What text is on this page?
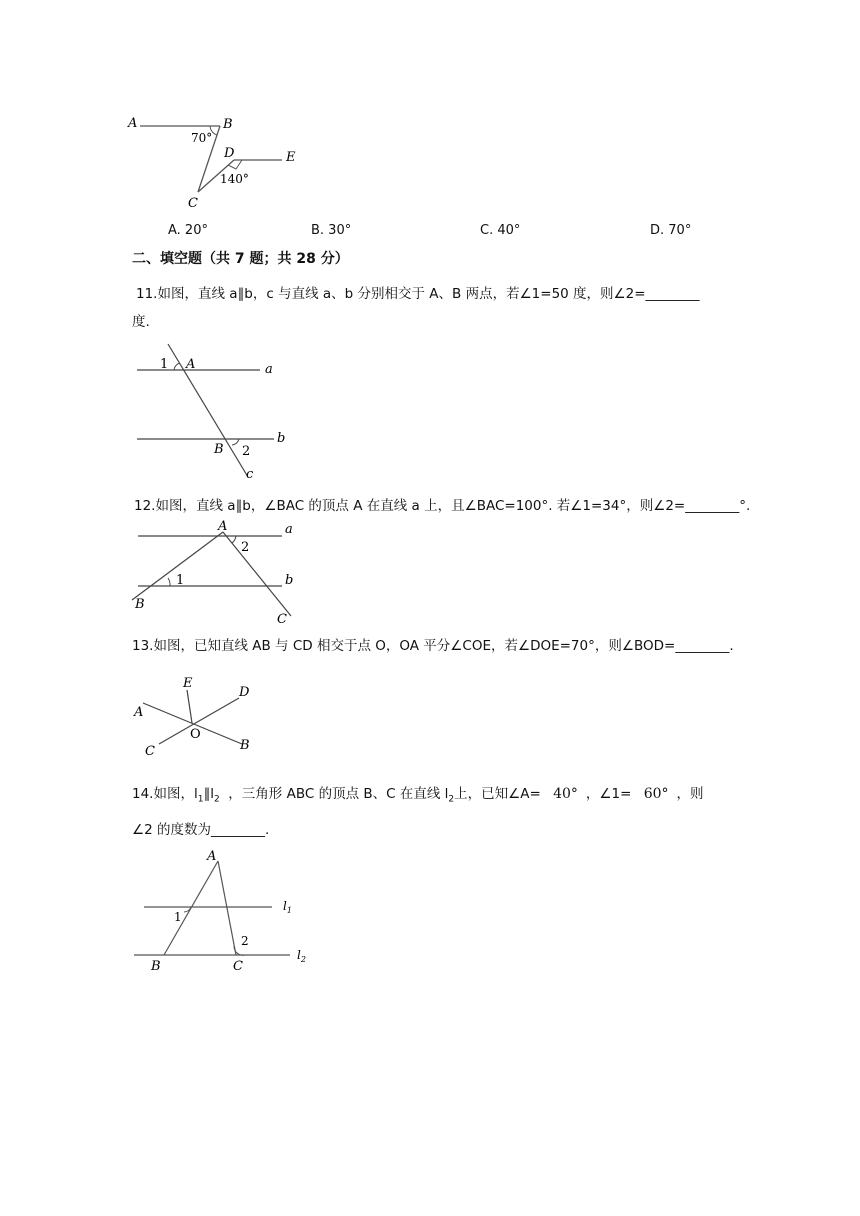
A	B
70°
D	E
140°
C
A. 20°	B. 30°	C. 40°	D. 70°
二、填空题（共 7 题；共 28 分）
11.如图，直线 a∥b，c 与直线 a、b 分别相交于 A、B 两点，若∠1=50 度，则∠2=________
度.
1 A	a
B 2
b
c
12.如图，直线 a∥b，∠BAC 的顶点 A 在直线 a 上，且∠BAC=100°. 若∠1=34°，则∠2=________°.
A
2
a
1	b
B
C
13.如图，已知直线 AB 与 CD 相交于点 O，OA 平分∠COE，若∠DOE=70°，则∠BOD=________.
E
D
A
O
C	B
14.如图，$l_1\parallel l_2$  ，三角形 ABC 的顶点 B、C 在直线 $l_2$上，已知∠A= 40° ，∠1= 60° ，则
∠2 的度数为________.
A
1
$l_1$
2
$l_2$
B	C
